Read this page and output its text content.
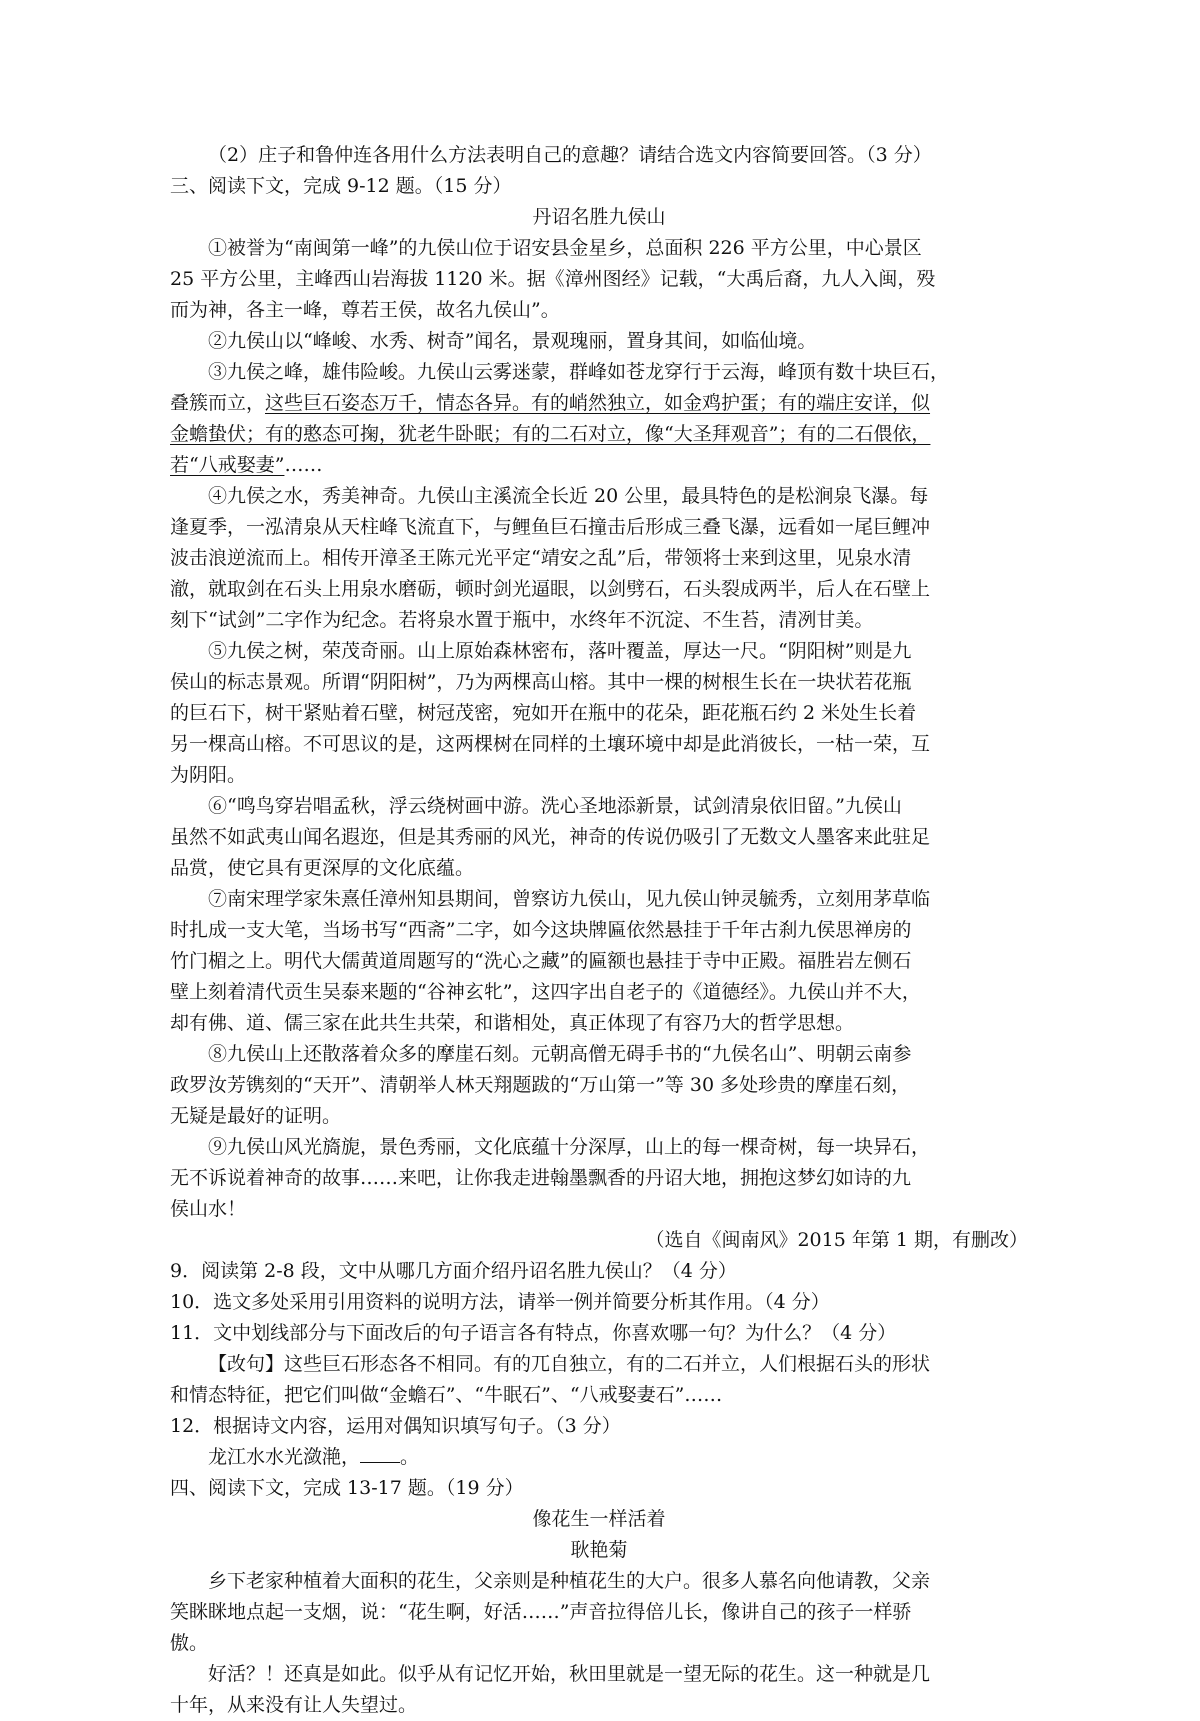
（2）庄子和鲁仲连各用什么方法表明自己的意趣？请结合选文内容简要回答。（3 分）
三、阅读下文，完成 9-12 题。（15 分）
丹诏名胜九侯山
①被誉为“南闽第一峰”的九侯山位于诏安县金星乡，总面积 226 平方公里，中心景区
25 平方公里，主峰西山岩海拔 1120 米。据《漳州图经》记载，“大禹后裔，九人入闽，殁
而为神，各主一峰，尊若王侯，故名九侯山”。
②九侯山以“峰峻、水秀、树奇”闻名，景观瑰丽，置身其间，如临仙境。
③九侯之峰，雄伟险峻。九侯山云雾迷蒙，群峰如苍龙穿行于云海，峰顶有数十块巨石，
叠簇而立，这些巨石姿态万千，情态各异。有的峭然独立，如金鸡护蛋；有的端庄安详，似
金蟾蛰伏；有的憨态可掬，犹老牛卧眠；有的二石对立，像“大圣拜观音”；有的二石偎依，
若“八戒娶妻”……
④九侯之水，秀美神奇。九侯山主溪流全长近 20 公里，最具特色的是松涧泉飞瀑。每
逢夏季，一泓清泉从天柱峰飞流直下，与鲤鱼巨石撞击后形成三叠飞瀑，远看如一尾巨鲤冲
波击浪逆流而上。相传开漳圣王陈元光平定“靖安之乱”后，带领将士来到这里，见泉水清
澈，就取剑在石头上用泉水磨砺，顿时剑光逼眼，以剑劈石，石头裂成两半，后人在石壁上
刻下“试剑”二字作为纪念。若将泉水置于瓶中，水终年不沉淀、不生苔，清冽甘美。
⑤九侯之树，荣茂奇丽。山上原始森林密布，落叶覆盖，厚达一尺。“阴阳树”则是九
侯山的标志景观。所谓“阴阳树”，乃为两棵高山榕。其中一棵的树根生长在一块状若花瓶
的巨石下，树干紧贴着石壁，树冠茂密，宛如开在瓶中的花朵，距花瓶石约 2 米处生长着
另一棵高山榕。不可思议的是，这两棵树在同样的土壤环境中却是此消彼长，一枯一荣，互
为阴阳。
⑥“鸣鸟穿岩唱孟秋，浮云绕树画中游。洗心圣地添新景，试剑清泉依旧留。”九侯山
虽然不如武夷山闻名遐迩，但是其秀丽的风光，神奇的传说仍吸引了无数文人墨客来此驻足
品赏，使它具有更深厚的文化底蕴。
⑦南宋理学家朱熹任漳州知县期间，曾察访九侯山，见九侯山钟灵毓秀，立刻用茅草临
时扎成一支大笔，当场书写“西斋”二字，如今这块牌匾依然悬挂于千年古刹九侯思禅房的
竹门楣之上。明代大儒黄道周题写的“洗心之藏”的匾额也悬挂于寺中正殿。福胜岩左侧石
壁上刻着清代贡生吴泰来题的“谷神玄牝”，这四字出自老子的《道德经》。九侯山并不大，
却有佛、道、儒三家在此共生共荣，和谐相处，真正体现了有容乃大的哲学思想。
⑧九侯山上还散落着众多的摩崖石刻。元朝高僧无碍手书的“九侯名山”、明朝云南参
政罗汝芳镌刻的“天开”、清朝举人林天翔题跋的“万山第一”等 30 多处珍贵的摩崖石刻，
无疑是最好的证明。
⑨九侯山风光旖旎，景色秀丽，文化底蕴十分深厚，山上的每一棵奇树，每一块异石，
无不诉说着神奇的故事……来吧，让你我走进翰墨飘香的丹诏大地，拥抱这梦幻如诗的九
侯山水！
（选自《闽南风》2015 年第 1 期，有删改）
9．阅读第 2-8 段，文中从哪几方面介绍丹诏名胜九侯山？（4 分）
10．选文多处采用引用资料的说明方法，请举一例并简要分析其作用。（4 分）
11．文中划线部分与下面改后的句子语言各有特点，你喜欢哪一句？为什么？（4 分）
【改句】这些巨石形态各不相同。有的兀自独立，有的二石并立，人们根据石头的形状
和情态特征，把它们叫做“金蟾石”、“牛眠石”、“八戒娶妻石”……
12．根据诗文内容，运用对偶知识填写句子。（3 分）
龙江水水光潋滟， 。
四、阅读下文，完成 13-17 题。（19 分）
像花生一样活着
耿艳菊
乡下老家种植着大面积的花生，父亲则是种植花生的大户。很多人慕名向他请教，父亲
笑眯眯地点起一支烟，说：“花生啊，好活……”声音拉得倍儿长，像讲自己的孩子一样骄
傲。
好活？！还真是如此。似乎从有记忆开始，秋田里就是一望无际的花生。这一种就是几
十年，从来没有让人失望过。
